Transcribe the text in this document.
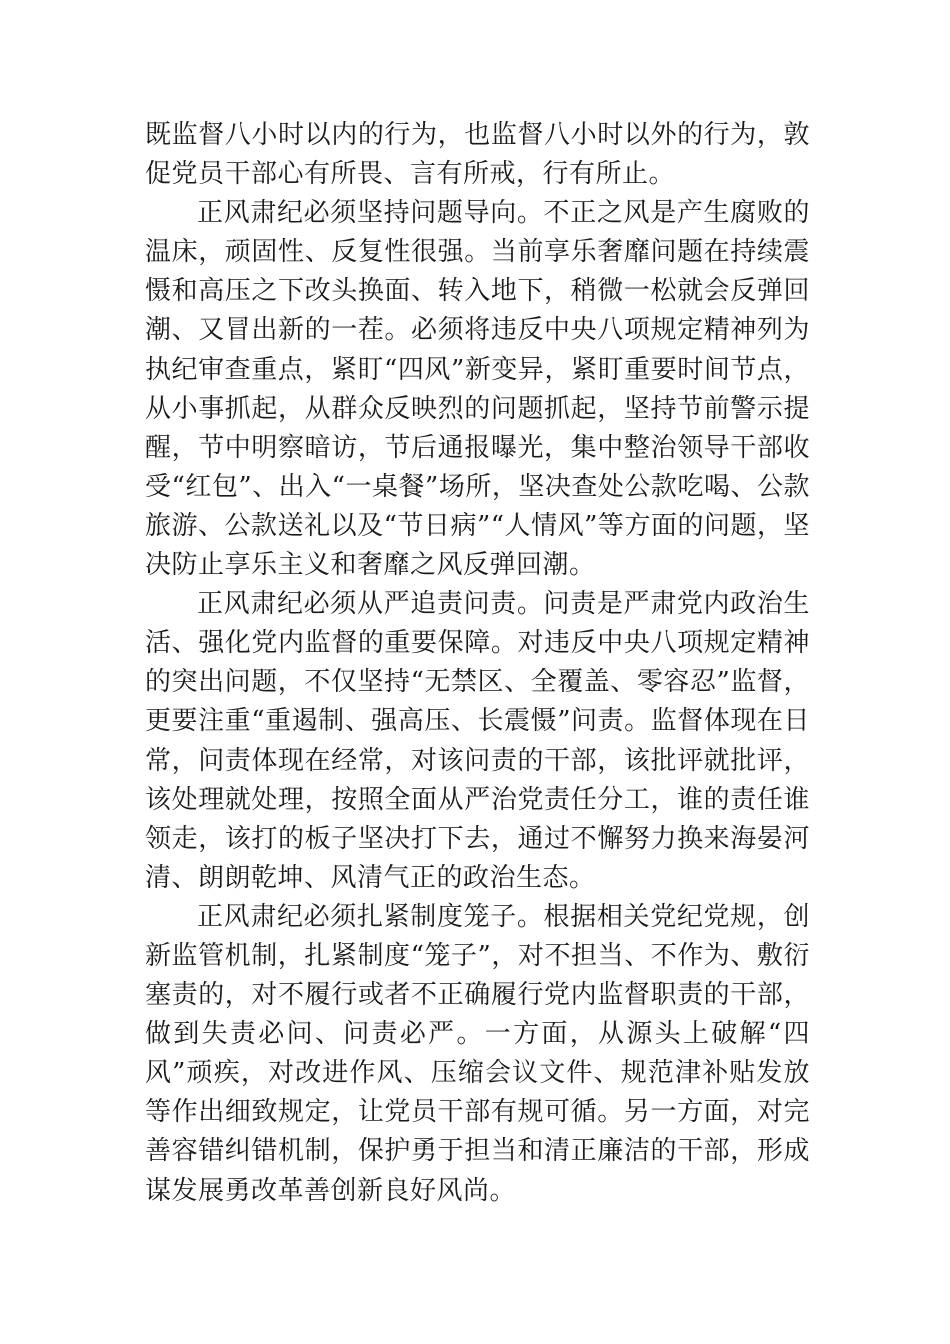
既监督八小时以内的行为，也监督八小时以外的行为，敦促党员干部心有所畏、言有所戒，行有所止。

正风肃纪必须坚持问题导向。不正之风是产生腐败的温床，顽固性、反复性很强。当前享乐奢靡问题在持续震慑和高压之下改头换面、转入地下，稍微一松就会反弹回潮、又冒出新的一茬。必须将违反中央八项规定精神列为执纪审查重点，紧盯“四风”新变异，紧盯重要时间节点，从小事抓起，从群众反映烈的问题抓起，坚持节前警示提醒，节中明察暗访，节后通报曝光，集中整治领导干部收受“红包”、出入“一桌餐”场所，坚决查处公款吃喝、公款旅游、公款送礼以及“节日病”“人情风”等方面的问题，坚决防止享乐主义和奢靡之风反弹回潮。

正风肃纪必须从严追责问责。问责是严肃党内政治生活、强化党内监督的重要保障。对违反中央八项规定精神的突出问题，不仅坚持“无禁区、全覆盖、零容忍”监督，更要注重“重遏制、强高压、长震慑”问责。监督体现在日常，问责体现在经常，对该问责的干部，该批评就批评，该处理就处理，按照全面从严治党责任分工，谁的责任谁领走，该打的板子坚决打下去，通过不懈努力换来海晏河清、朗朗乾坤、风清气正的政治生态。

正风肃纪必须扎紧制度笼子。根据相关党纪党规，创新监管机制，扎紧制度“笼子”，对不担当、不作为、敷衍塞责的，对不履行或者不正确履行党内监督职责的干部，做到失责必问、问责必严。一方面，从源头上破解“四风”顽疾，对改进作风、压缩会议文件、规范津补贴发放等作出细致规定，让党员干部有规可循。另一方面，对完善容错纠错机制，保护勇于担当和清正廉洁的干部，形成谋发展勇改革善创新良好风尚。
